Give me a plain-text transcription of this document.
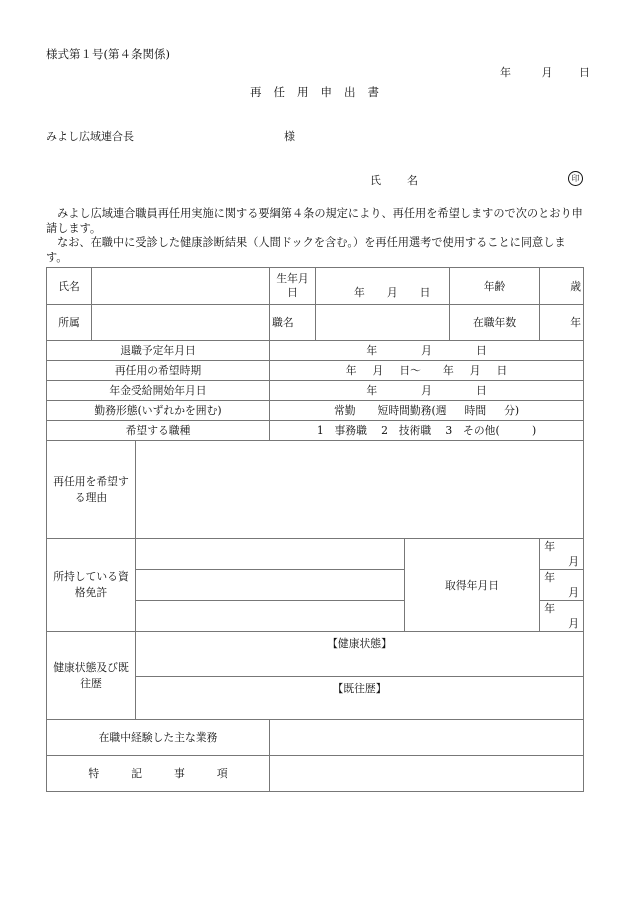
様式第１号(第４条関係)
年	月 日
再 任 用 申 出 書
みよし広域連合長	様
氏 名	印

みよし広域連合職員再任用実施に関する要綱第４条の規定により、再任用を希望しますので次のとおり申請します。

なお、在職中に受診した健康診断結果（人間ドックを含む。）を再任用選考で使用することに同意します。

氏名			生年月日	年 月 日		年齢	歳
所属			職名			在職年数	年
退職予定年月日			年 月 日				
再任用の希望時期			年 月 日〜 年 月 日				
年金受給開始年月日			年 月 日				
勤務形態(いずれかを囲む)			常勤 短時間勤務(週 時間 分)				
希望する職種			1　事務職　 2　技術職　 3　その他(　　　)				
再任用を希望する理由							
所持している資格免許					取得年月日		年月
							年月
							年月
健康状態及び既往歴		【健康状態】					
		【既往歴】					
在職中経験した主な業務							
特 記 事 項							
